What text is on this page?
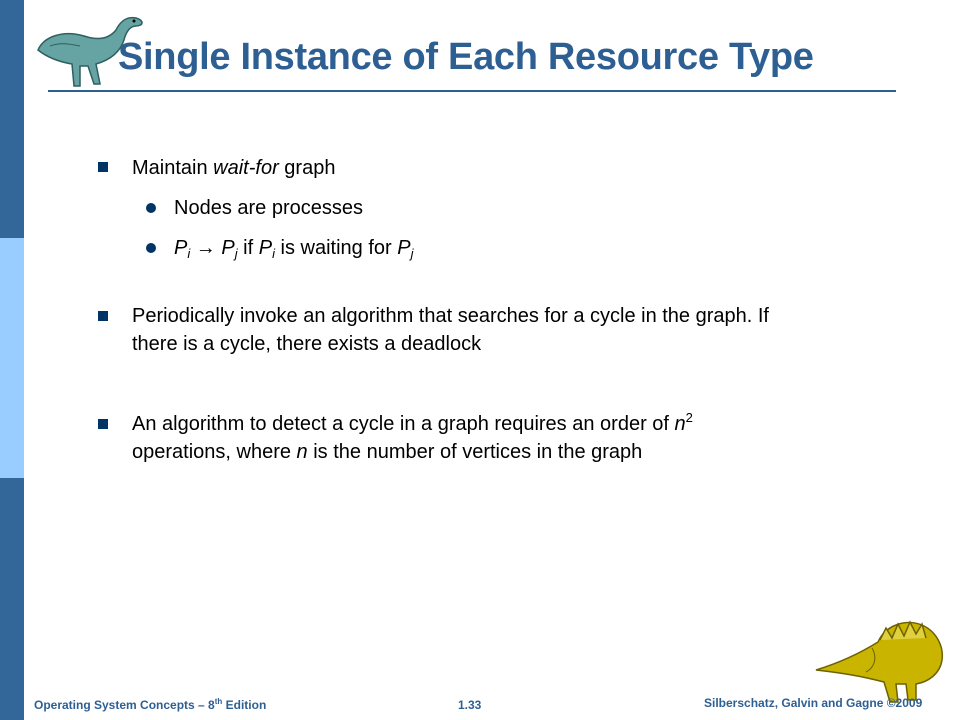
Single Instance of Each Resource Type
Maintain wait-for graph
Nodes are processes
$P_i \to P_j$ if $P_i$ is waiting for $P_j$
Periodically invoke an algorithm that searches for a cycle in the graph. If there is a cycle, there exists a deadlock
An algorithm to detect a cycle in a graph requires an order of $n^2$ operations, where n is the number of vertices in the graph
Operating System Concepts – 8th Edition	1.33	Silberschatz, Galvin and Gagne ©2009
